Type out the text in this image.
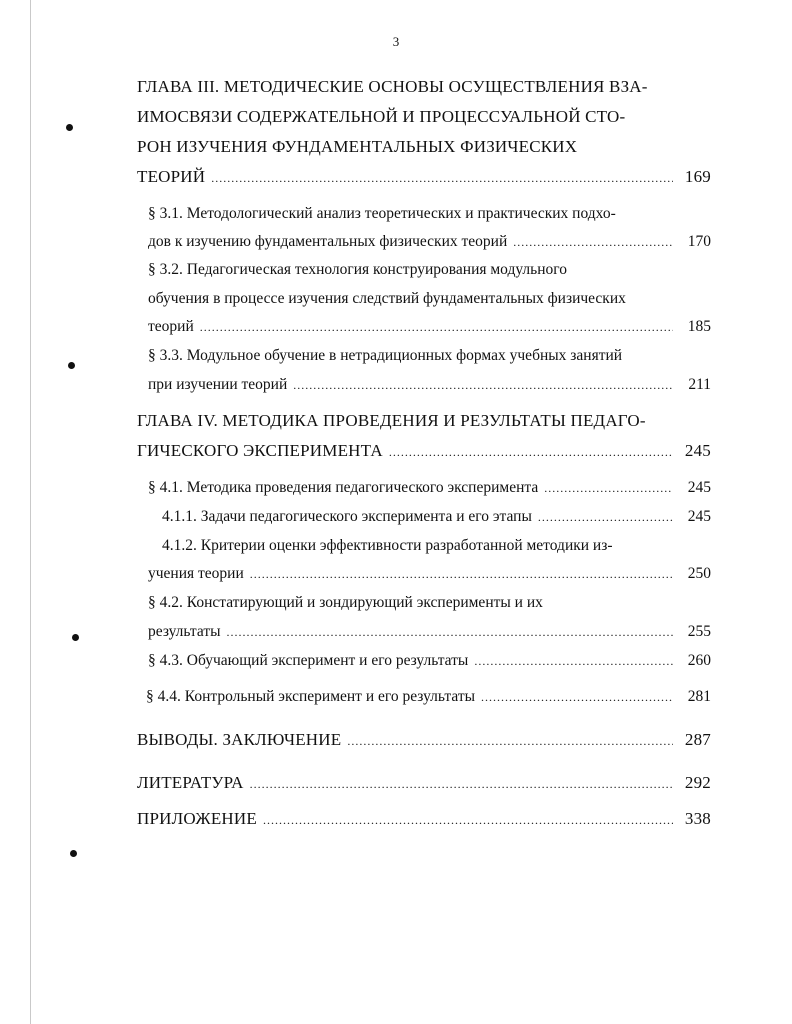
3
ГЛАВА III. МЕТОДИЧЕСКИЕ ОСНОВЫ ОСУЩЕСТВЛЕНИЯ ВЗА-
ИМОСВЯЗИ СОДЕРЖАТЕЛЬНОЙ И ПРОЦЕССУАЛЬНОЙ СТО-
РОН ИЗУЧЕНИЯ ФУНДАМЕНТАЛЬНЫХ ФИЗИЧЕСКИХ
ТЕОРИЙ .....	169
§ 3.1. Методологический анализ теоретических и практических подхо-
дов к изучению фундаментальных физических теорий .....	170
§ 3.2. Педагогическая технология конструирования модульного
обучения в процессе изучения следствий фундаментальных физических
теорий .....	185
§ 3.3. Модульное обучение в нетрадиционных формах учебных занятий
при изучении теорий .....	211
ГЛАВА IV. МЕТОДИКА ПРОВЕДЕНИЯ И РЕЗУЛЬТАТЫ ПЕДАГО-
ГИЧЕСКОГО ЭКСПЕРИМЕНТА .....	245
§ 4.1. Методика проведения педагогического эксперимента .....	245
4.1.1. Задачи педагогического эксперимента и его этапы .....	245
4.1.2. Критерии оценки эффективности разработанной методики из-
учения теории .....	250
§ 4.2. Констатирующий и зондирующий эксперименты и их
результаты .....	255
§ 4.3. Обучающий эксперимент и его результаты .....	260
§ 4.4. Контрольный эксперимент и его результаты .....	281
ВЫВОДЫ. ЗАКЛЮЧЕНИЕ .....	287
ЛИТЕРАТУРА .....	292
ПРИЛОЖЕНИЕ .....	338
